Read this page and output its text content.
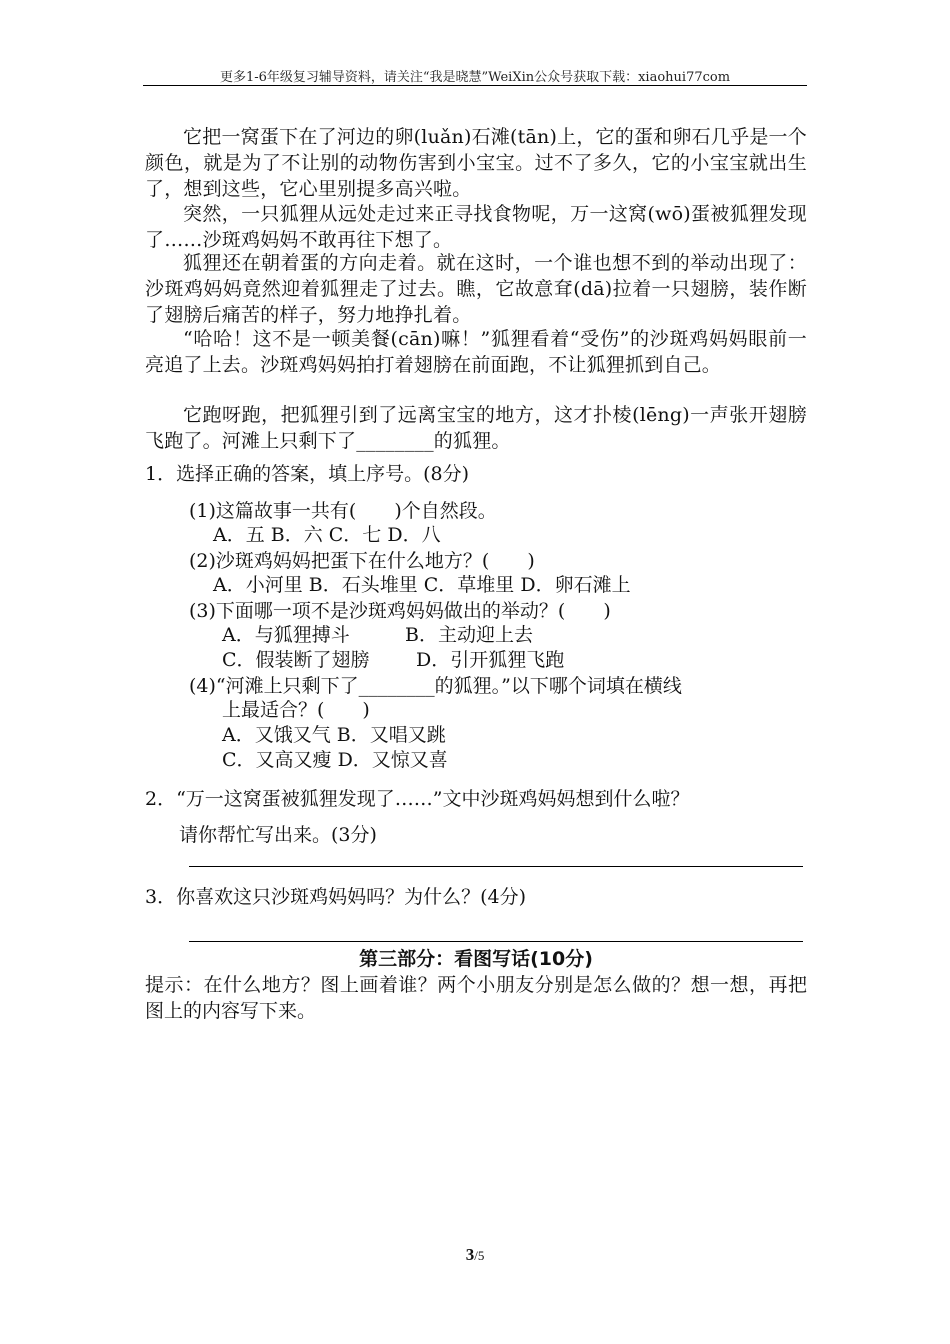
更多1-6年级复习辅导资料，请关注“我是晓慧”WeiXin公众号获取下载：xiaohui77com
它把一窝蛋下在了河边的卵(luǎn)石滩(tān)上，它的蛋和卵石几乎是一个颜色，就是为了不让别的动物伤害到小宝宝。过不了多久，它的小宝宝就出生了，想到这些，它心里别提多高兴啦。
突然，一只狐狸从远处走过来正寻找食物呢，万一这窝(wō)蛋被狐狸发现了……沙斑鸡妈妈不敢再往下想了。
狐狸还在朝着蛋的方向走着。就在这时，一个谁也想不到的举动出现了：沙斑鸡妈妈竟然迎着狐狸走了过去。瞧，它故意耷(dā)拉着一只翅膀，装作断了翅膀后痛苦的样子，努力地挣扎着。
“哈哈！这不是一顿美餐(cān)嘛！”狐狸看着“受伤”的沙斑鸡妈妈眼前一亮追了上去。沙斑鸡妈妈拍打着翅膀在前面跑，不让狐狸抓到自己。
它跑呀跑，把狐狸引到了远离宝宝的地方，这才扑棱(lēng)一声张开翅膀飞跑了。河滩上只剩下了________的狐狸。
1．选择正确的答案，填上序号。(8分)
(1)这篇故事一共有(　　)个自然段。
A．五 B．六 C．七 D．八
(2)沙斑鸡妈妈把蛋下在什么地方？(　　)
A．小河里 B．石头堆里 C．草堆里 D．卵石滩上
(3)下面哪一项不是沙斑鸡妈妈做出的举动？(　　)
A．与狐狸搏斗	B．主动迎上去
C．假装断了翅膀 D．引开狐狸飞跑
(4)“河滩上只剩下了________的狐狸。”以下哪个词填在横线
上最适合？(　　)
A．又饿又气 B．又唱又跳
C．又高又瘦 D．又惊又喜
2．“万一这窝蛋被狐狸发现了……”文中沙斑鸡妈妈想到什么啦？
请你帮忙写出来。(3分)
3．你喜欢这只沙斑鸡妈妈吗？为什么？(4分)
第三部分：看图写话(10分)
提示：在什么地方？图上画着谁？两个小朋友分别是怎么做的？想一想，再把图上的内容写下来。
3/5
